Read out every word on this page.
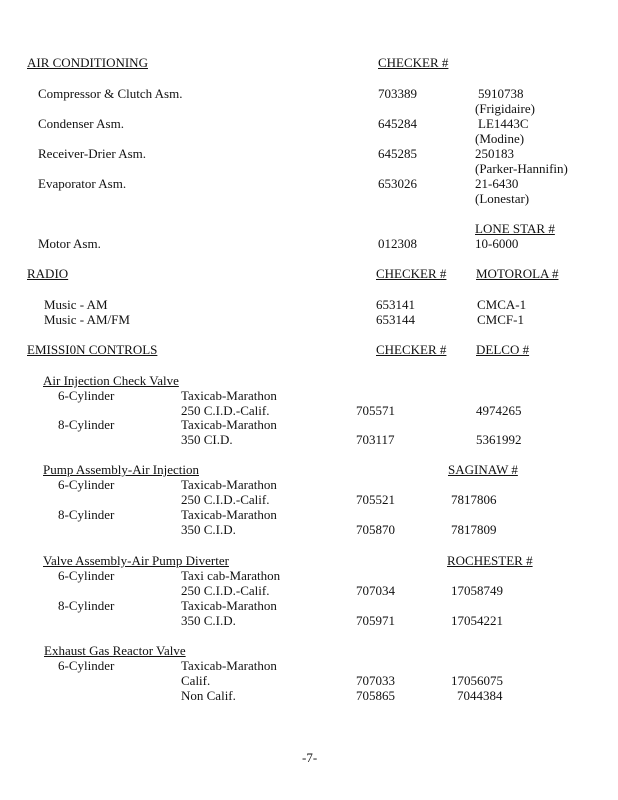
AIR CONDITIONING	CHECKER #
Compressor & Clutch Asm.	703389	5910738
(Frigidaire)
Condenser Asm.	645284	LE1443C
(Modine)
Receiver-Drier Asm.	645285	250183
(Parker-Hannifin)
Evaporator Asm.	653026	21-6430
(Lonestar)
LONE STAR #
Motor Asm.	012308	10-6000
RADIO	CHECKER # MOTOROLA #
Music - AM	653141	CMCA-1
Music - AM/FM	653144	CMCF-1
EMISSI0N CONTROLS	CHECKER # DELCO #
Air Injection Check Valve
6-Cylinder	Taxicab-Marathon
250 C.I.D.-Calif.	705571	4974265
8-Cylinder	Taxicab-Marathon
350 CI.D.	703117	5361992
Pump Assembly-Air Injection	SAGINAW #
6-Cylinder	Taxicab-Marathon
250 C.I.D.-Calif.	705521	7817806
8-Cylinder	Taxicab-Marathon
350 C.I.D.	705870	7817809
Valve Assembly-Air Pump Diverter	ROCHESTER #
6-Cylinder	Taxi cab-Marathon
250 C.I.D.-Calif.	707034	17058749
8-Cylinder	Taxicab-Marathon
350 C.I.D.	705971	17054221
Exhaust Gas Reactor Valve
6-Cylinder	Taxicab-Marathon
Calif.	707033	17056075
Non Calif.	705865	7044384
-7-
